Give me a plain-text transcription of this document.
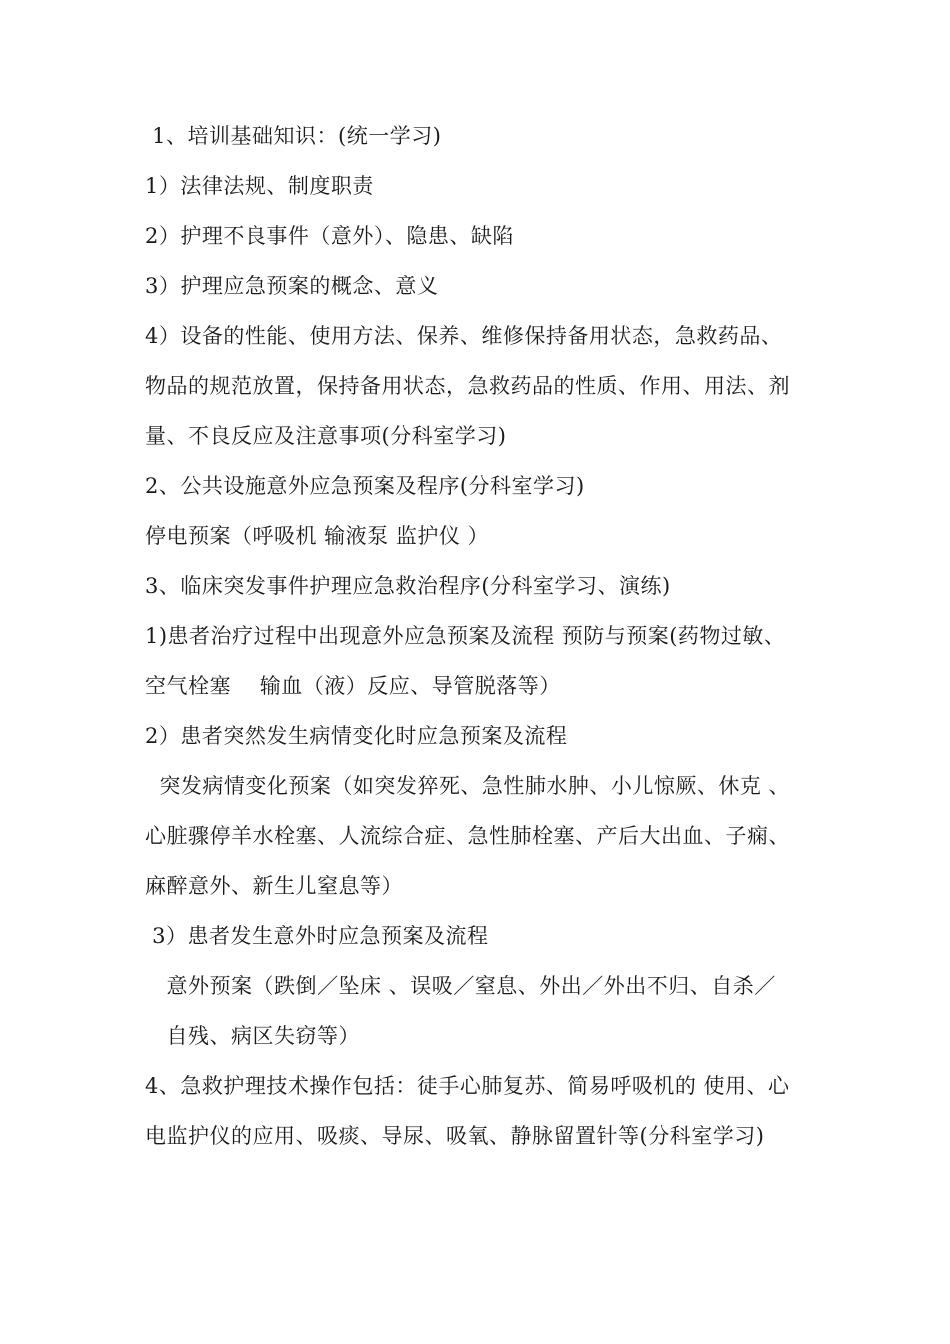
1、培训基础知识：(统一学习)
1）法律法规、制度职责
2）护理不良事件（意外）、隐患、缺陷
3）护理应急预案的概念、意义
4）设备的性能、使用方法、保养、维修保持备用状态，急救药品、
物品的规范放置，保持备用状态，急救药品的性质、作用、用法、剂
量、不良反应及注意事项(分科室学习)
2、公共设施意外应急预案及程序(分科室学习)
停电预案（呼吸机 输液泵 监护仪 ）
3、临床突发事件护理应急救治程序(分科室学习、演练)
1)患者治疗过程中出现意外应急预案及流程 预防与预案(药物过敏、
空气栓塞    输血（液）反应、导管脱落等）
2）患者突然发生病情变化时应急预案及流程
突发病情变化预案（如突发猝死、急性肺水肿、小儿惊厥、休克 、
心脏骤停羊水栓塞、人流综合症、急性肺栓塞、产后大出血、子痫、
麻醉意外、新生儿窒息等）
3）患者发生意外时应急预案及流程
意外预案（跌倒／坠床 、误吸／窒息、外出／外出不归、自杀／
自残、病区失窃等）
4、急救护理技术操作包括：徒手心肺复苏、简易呼吸机的 使用、心
电监护仪的应用、吸痰、导尿、吸氧、静脉留置针等(分科室学习)
